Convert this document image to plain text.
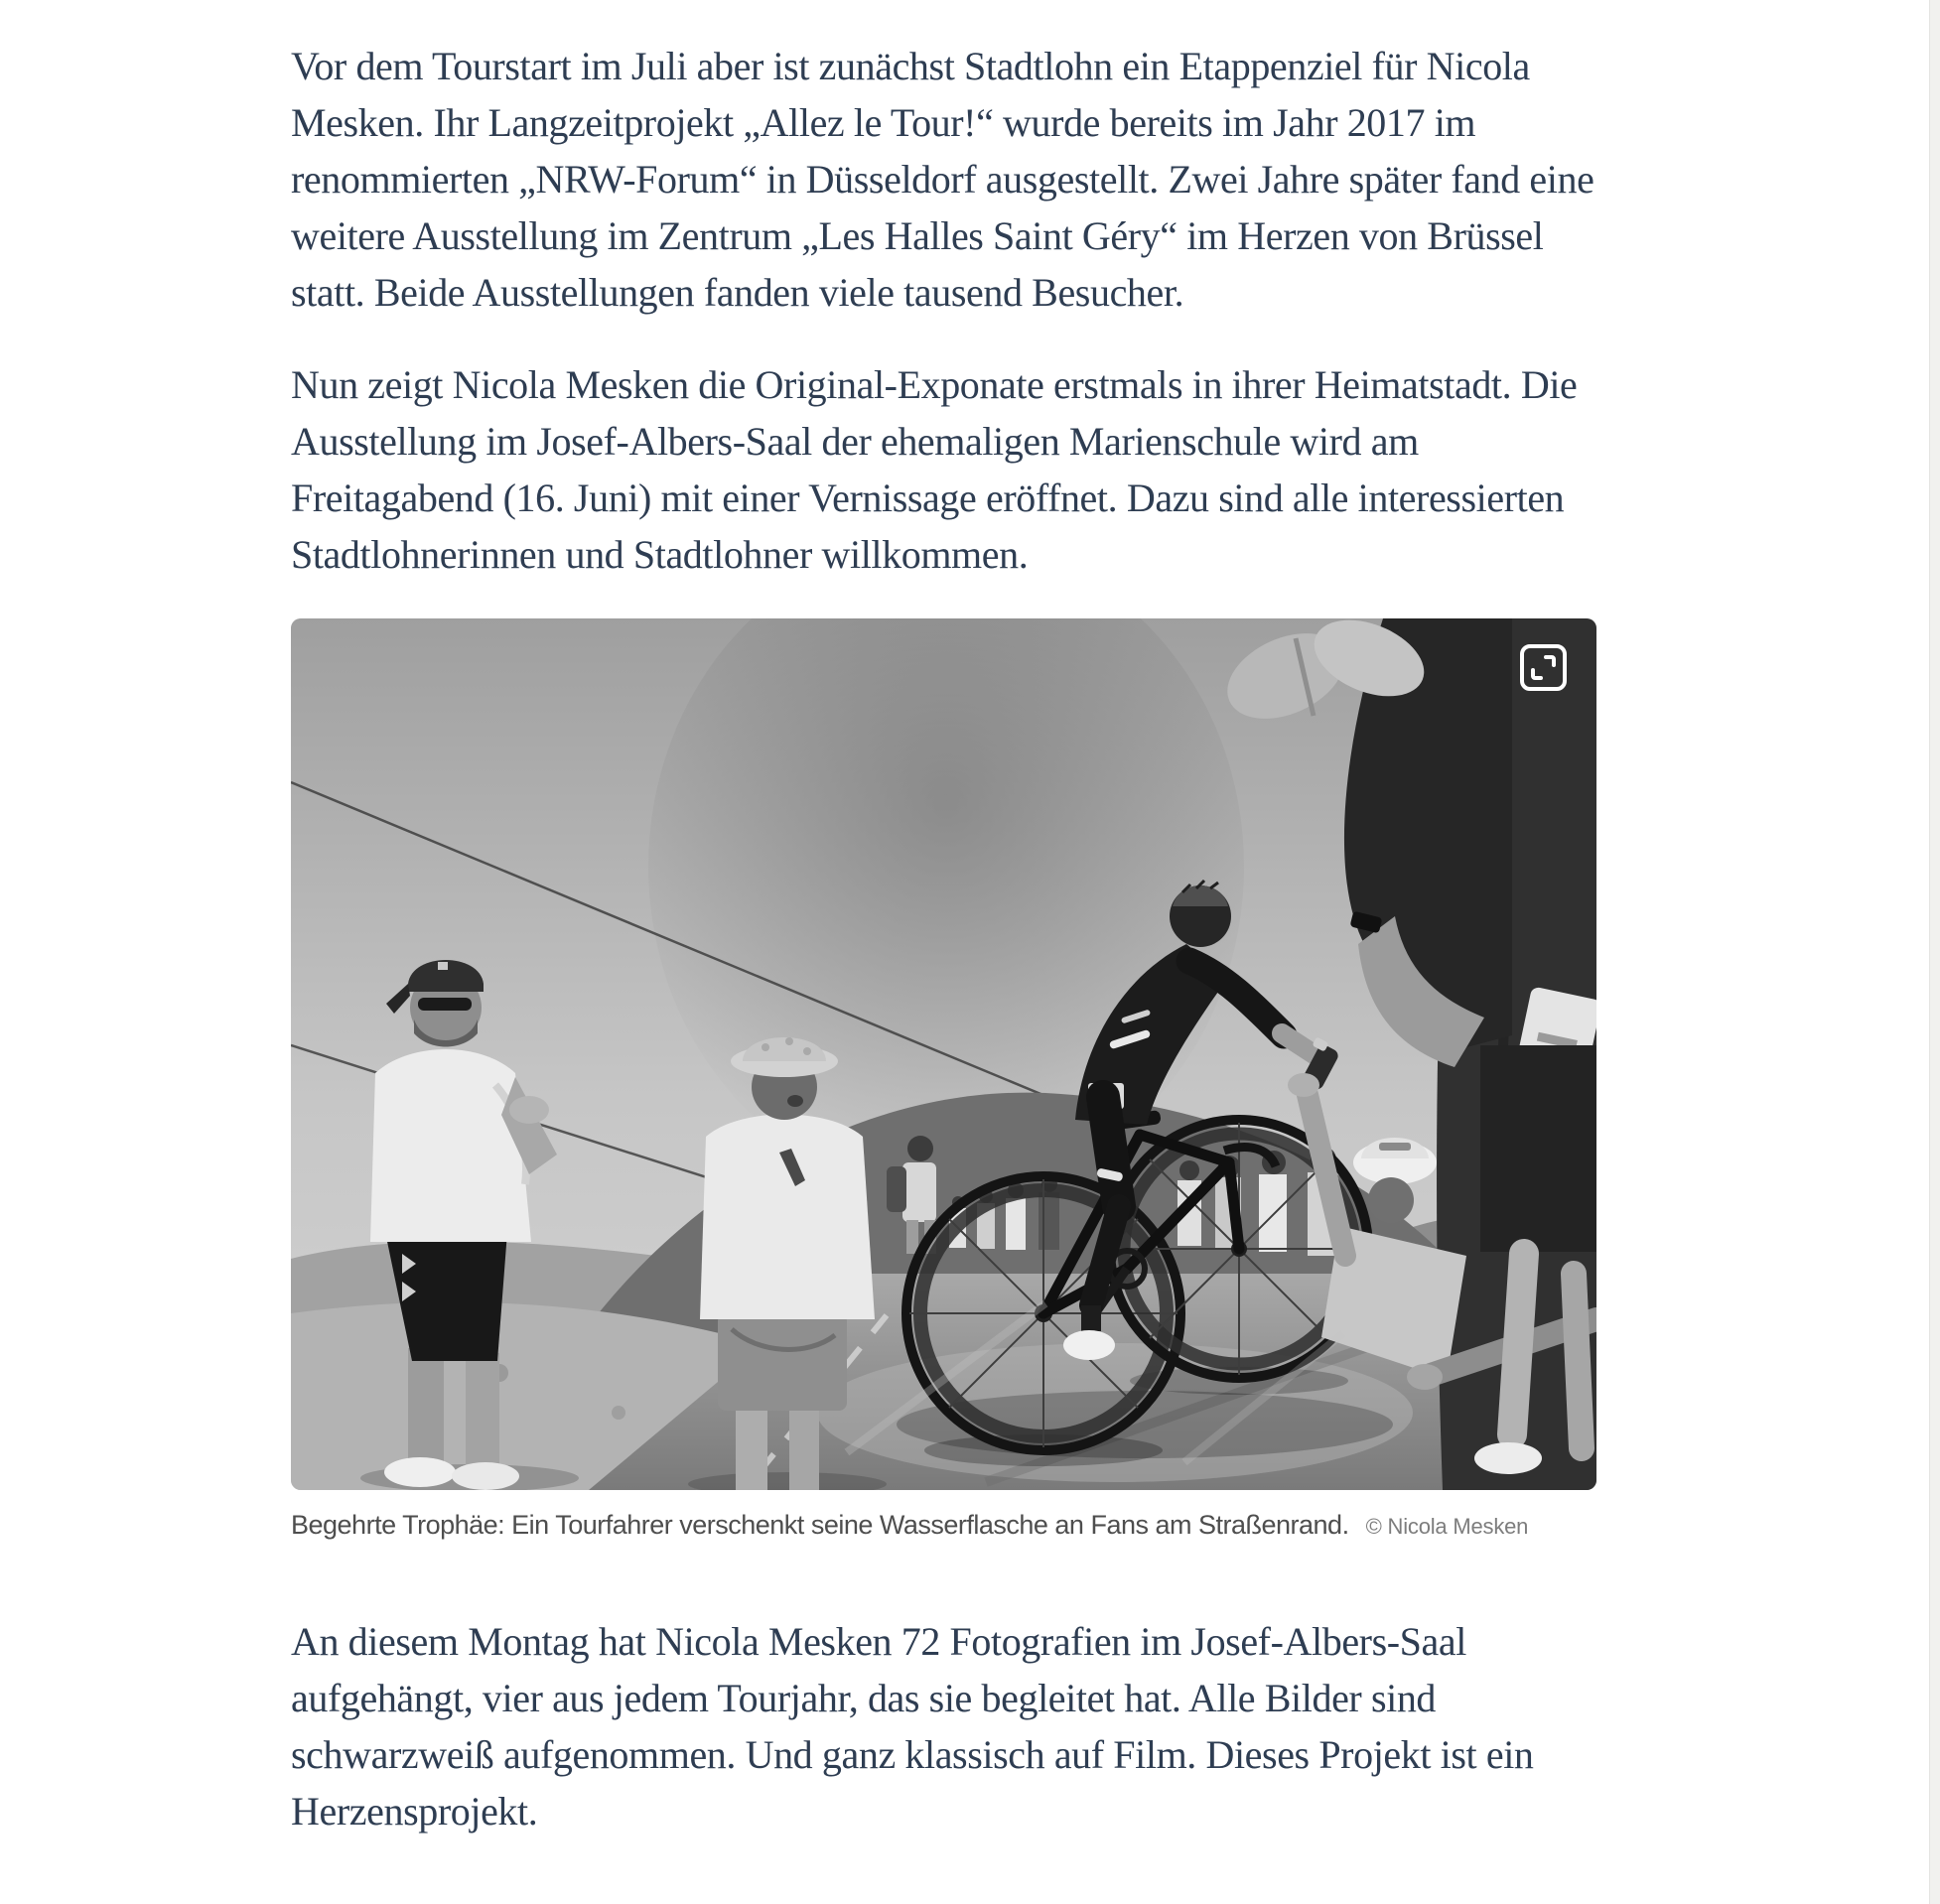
Vor dem Tourstart im Juli aber ist zunächst Stadtlohn ein Etappenziel für Nicola Mesken. Ihr Langzeitprojekt „Allez le Tour!“ wurde bereits im Jahr 2017 im renommierten „NRW-Forum“ in Düsseldorf ausgestellt. Zwei Jahre später fand eine weitere Ausstellung im Zentrum „Les Halles Saint Géry“ im Herzen von Brüssel statt. Beide Ausstellungen fanden viele tausend Besucher.

Nun zeigt Nicola Mesken die Original-Exponate erstmals in ihrer Heimatstadt. Die Ausstellung im Josef-Albers-Saal der ehemaligen Marienschule wird am Freitagabend (16. Juni) mit einer Vernissage eröffnet. Dazu sind alle interessierten Stadtlohnerinnen und Stadtlohner willkommen.

Begehrte Trophäe: Ein Tourfahrer verschenkt seine Wasserflasche an Fans am Straßenrand. © Nicola Mesken

An diesem Montag hat Nicola Mesken 72 Fotografien im Josef-Albers-Saal aufgehängt, vier aus jedem Tourjahr, das sie begleitet hat. Alle Bilder sind schwarzweiß aufgenommen. Und ganz klassisch auf Film. Dieses Projekt ist ein Herzensprojekt.
